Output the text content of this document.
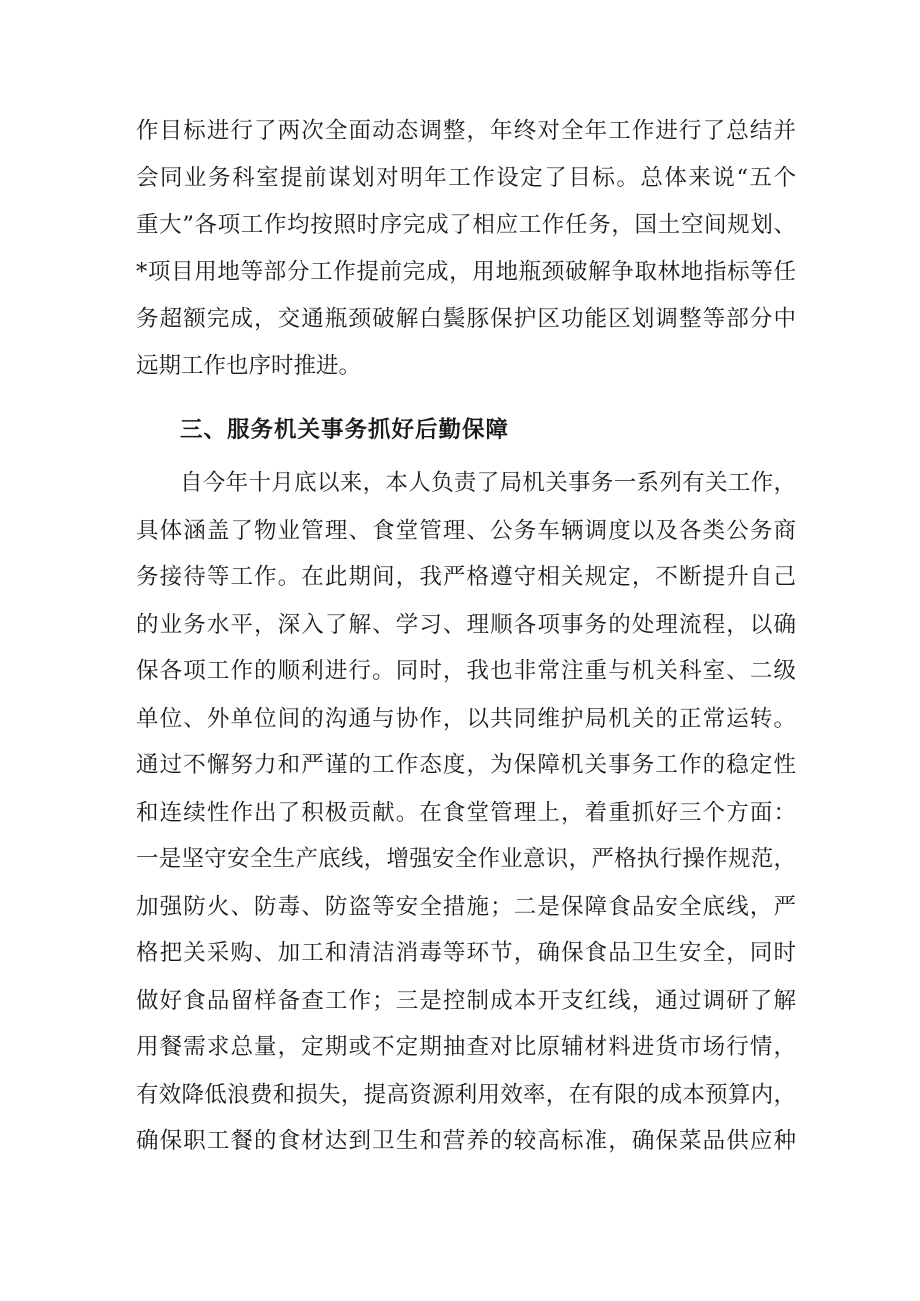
作目标进行了两次全面动态调整，年终对全年工作进行了总结并
会同业务科室提前谋划对明年工作设定了目标。总体来说“五个
重大”各项工作均按照时序完成了相应工作任务，国土空间规划、
*项目用地等部分工作提前完成，用地瓶颈破解争取林地指标等任
务超额完成，交通瓶颈破解白鬓豚保护区功能区划调整等部分中
远期工作也序时推进。
三、服务机关事务抓好后勤保障
自今年十月底以来，本人负责了局机关事务一系列有关工作，
具体涵盖了物业管理、食堂管理、公务车辆调度以及各类公务商
务接待等工作。在此期间，我严格遵守相关规定，不断提升自己
的业务水平，深入了解、学习、理顺各项事务的处理流程，以确
保各项工作的顺利进行。同时，我也非常注重与机关科室、二级
单位、外单位间的沟通与协作，以共同维护局机关的正常运转。
通过不懈努力和严谨的工作态度，为保障机关事务工作的稳定性
和连续性作出了积极贡献。在食堂管理上，着重抓好三个方面：
一是坚守安全生产底线，增强安全作业意识，严格执行操作规范，
加强防火、防毒、防盗等安全措施；二是保障食品安全底线，严
格把关采购、加工和清洁消毒等环节，确保食品卫生安全，同时
做好食品留样备查工作；三是控制成本开支红线，通过调研了解
用餐需求总量，定期或不定期抽查对比原辅材料进货市场行情，
有效降低浪费和损失，提高资源利用效率，在有限的成本预算内，
确保职工餐的食材达到卫生和营养的较高标准，确保菜品供应种
